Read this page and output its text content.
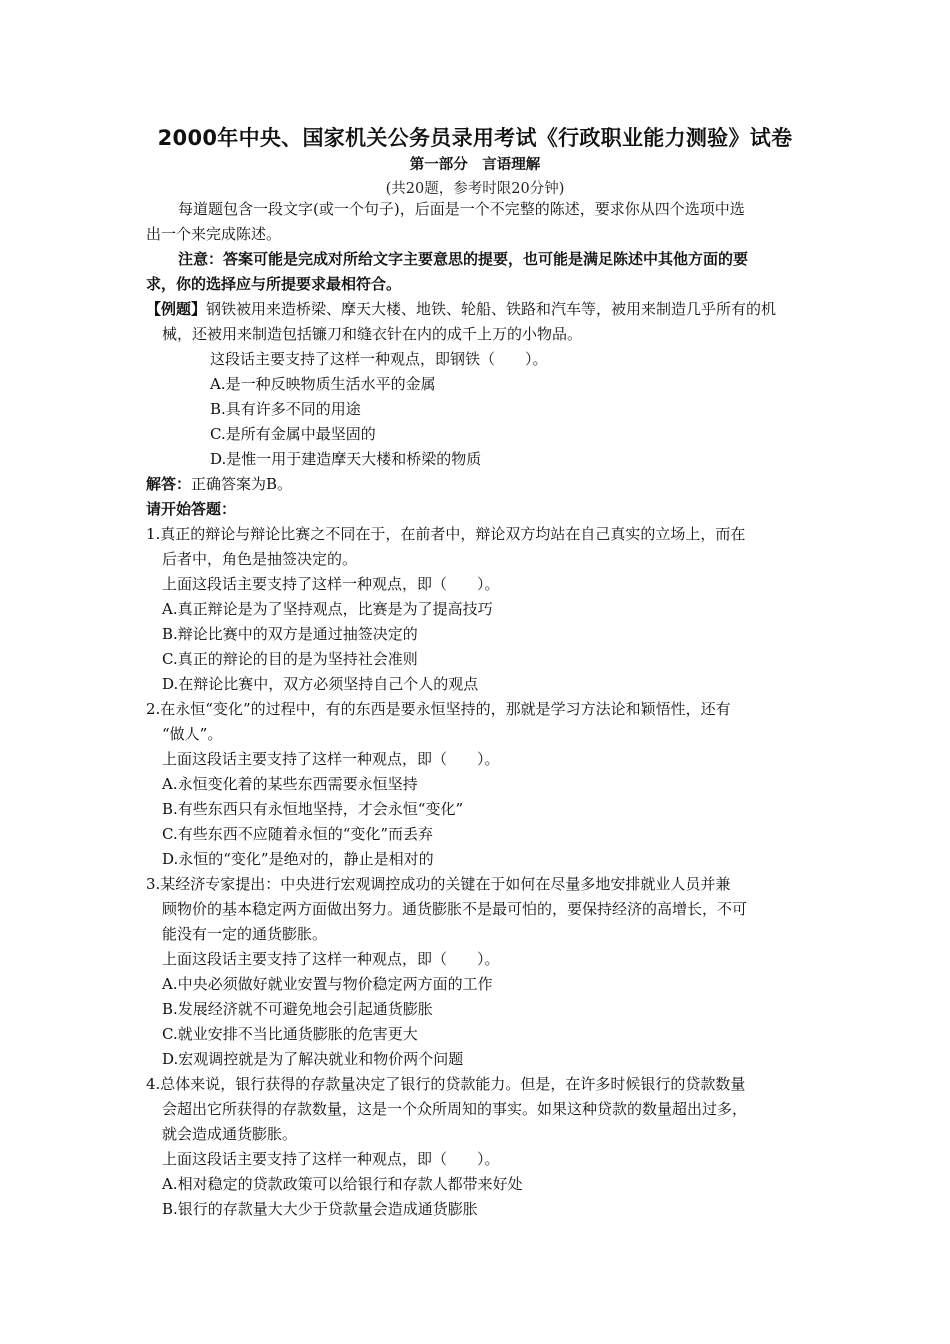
2000年中央、国家机关公务员录用考试《行政职业能力测验》试卷
第一部分　言语理解
(共20题，参考时限20分钟)
每道题包含一段文字(或一个句子)，后面是一个不完整的陈述，要求你从四个选项中选
出一个来完成陈述。
注意：答案可能是完成对所给文字主要意思的提要，也可能是满足陈述中其他方面的要
求，你的选择应与所提要求最相符合。
【例题】钢铁被用来造桥梁、摩天大楼、地铁、轮船、铁路和汽车等，被用来制造几乎所有的机
械，还被用来制造包括镰刀和缝衣针在内的成千上万的小物品。
这段话主要支持了这样一种观点，即钢铁（　　）。
A.是一种反映物质生活水平的金属
B.具有许多不同的用途
C.是所有金属中最坚固的
D.是惟一用于建造摩天大楼和桥梁的物质
解答：正确答案为B。
请开始答题：
1.真正的辩论与辩论比赛之不同在于，在前者中，辩论双方均站在自己真实的立场上，而在
后者中，角色是抽签决定的。
上面这段话主要支持了这样一种观点，即（　　）。
A.真正辩论是为了坚持观点，比赛是为了提高技巧
B.辩论比赛中的双方是通过抽签决定的
C.真正的辩论的目的是为坚持社会准则
D.在辩论比赛中，双方必须坚持自己个人的观点
2.在永恒“变化”的过程中，有的东西是要永恒坚持的，那就是学习方法论和颖悟性，还有
“做人”。
上面这段话主要支持了这样一种观点，即（　　）。
A.永恒变化着的某些东西需要永恒坚持
B.有些东西只有永恒地坚持，才会永恒“变化”
C.有些东西不应随着永恒的“变化”而丢弃
D.永恒的“变化”是绝对的，静止是相对的
3.某经济专家提出：中央进行宏观调控成功的关键在于如何在尽量多地安排就业人员并兼
顾物价的基本稳定两方面做出努力。通货膨胀不是最可怕的，要保持经济的高增长，不可
能没有一定的通货膨胀。
上面这段话主要支持了这样一种观点，即（　　）。
A.中央必须做好就业安置与物价稳定两方面的工作
B.发展经济就不可避免地会引起通货膨胀
C.就业安排不当比通货膨胀的危害更大
D.宏观调控就是为了解决就业和物价两个问题
4.总体来说，银行获得的存款量决定了银行的贷款能力。但是，在许多时候银行的贷款数量
会超出它所获得的存款数量，这是一个众所周知的事实。如果这种贷款的数量超出过多，
就会造成通货膨胀。
上面这段话主要支持了这样一种观点，即（　　）。
A.相对稳定的贷款政策可以给银行和存款人都带来好处
B.银行的存款量大大少于贷款量会造成通货膨胀
